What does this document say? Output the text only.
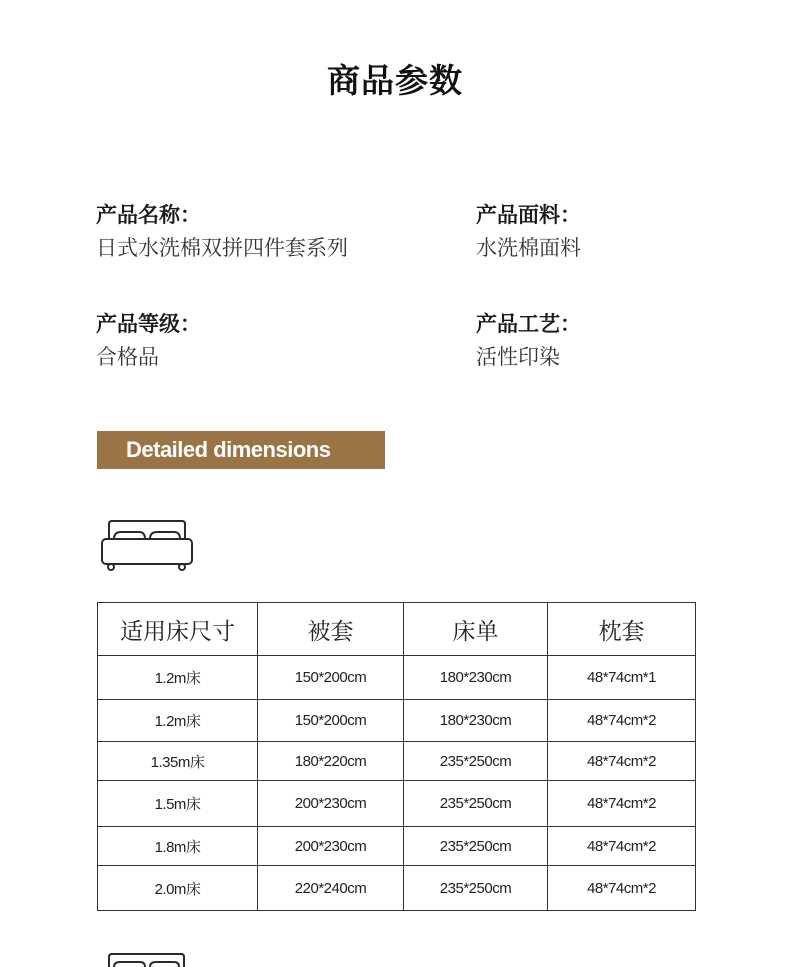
商品参数
产品名称：
日式水洗棉双拼四件套系列
产品面料：
水洗棉面料
产品等级：
合格品
产品工艺：
活性印染
Detailed dimensions
适用床尺寸	被套	床单	枕套
1.2m床	150*200cm	180*230cm	48*74cm*1
1.2m床	150*200cm	180*230cm	48*74cm*2
1.35m床	180*220cm	235*250cm	48*74cm*2
1.5m床	200*230cm	235*250cm	48*74cm*2
1.8m床	200*230cm	235*250cm	48*74cm*2
2.0m床	220*240cm	235*250cm	48*74cm*2
